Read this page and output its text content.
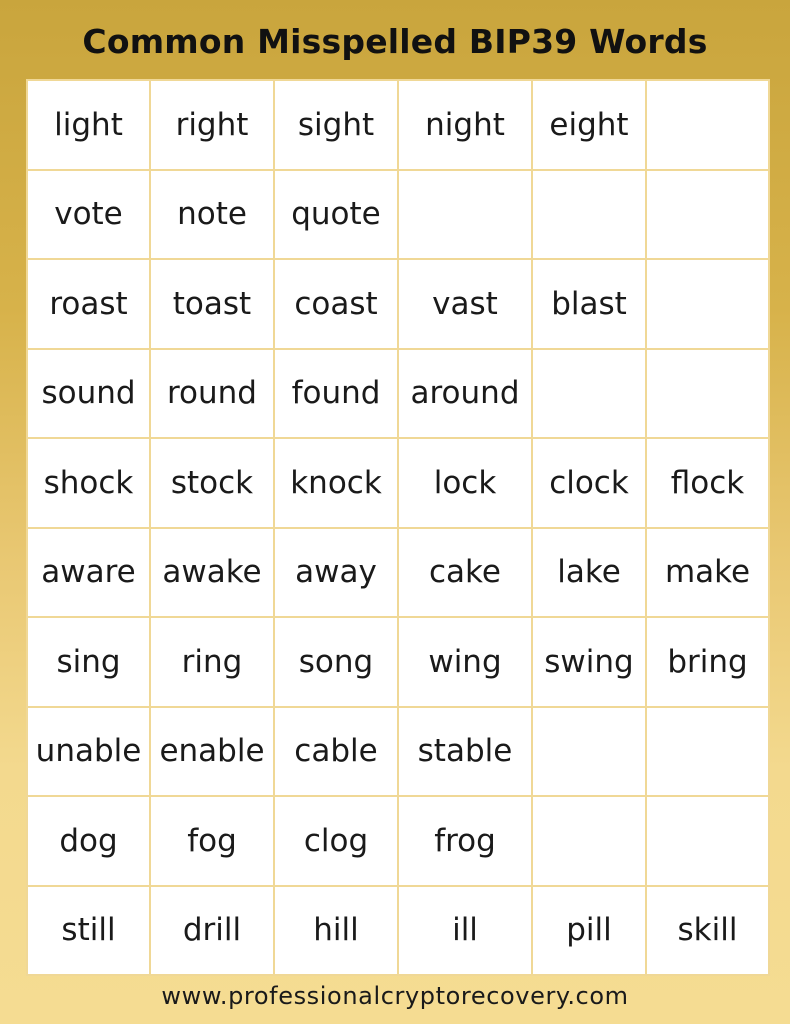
Common Misspelled BIP39 Words
light	right	sight	night	eight	
vote	note	quote			
roast	toast	coast	vast	blast	
sound	round	found	around		
shock	stock	knock	lock	clock	flock
aware	awake	away	cake	lake	make
sing	ring	song	wing	swing	bring
unable	enable	cable	stable		
dog	fog	clog	frog		
still	drill	hill	ill	pill	skill

www.professionalcryptorecovery.com
